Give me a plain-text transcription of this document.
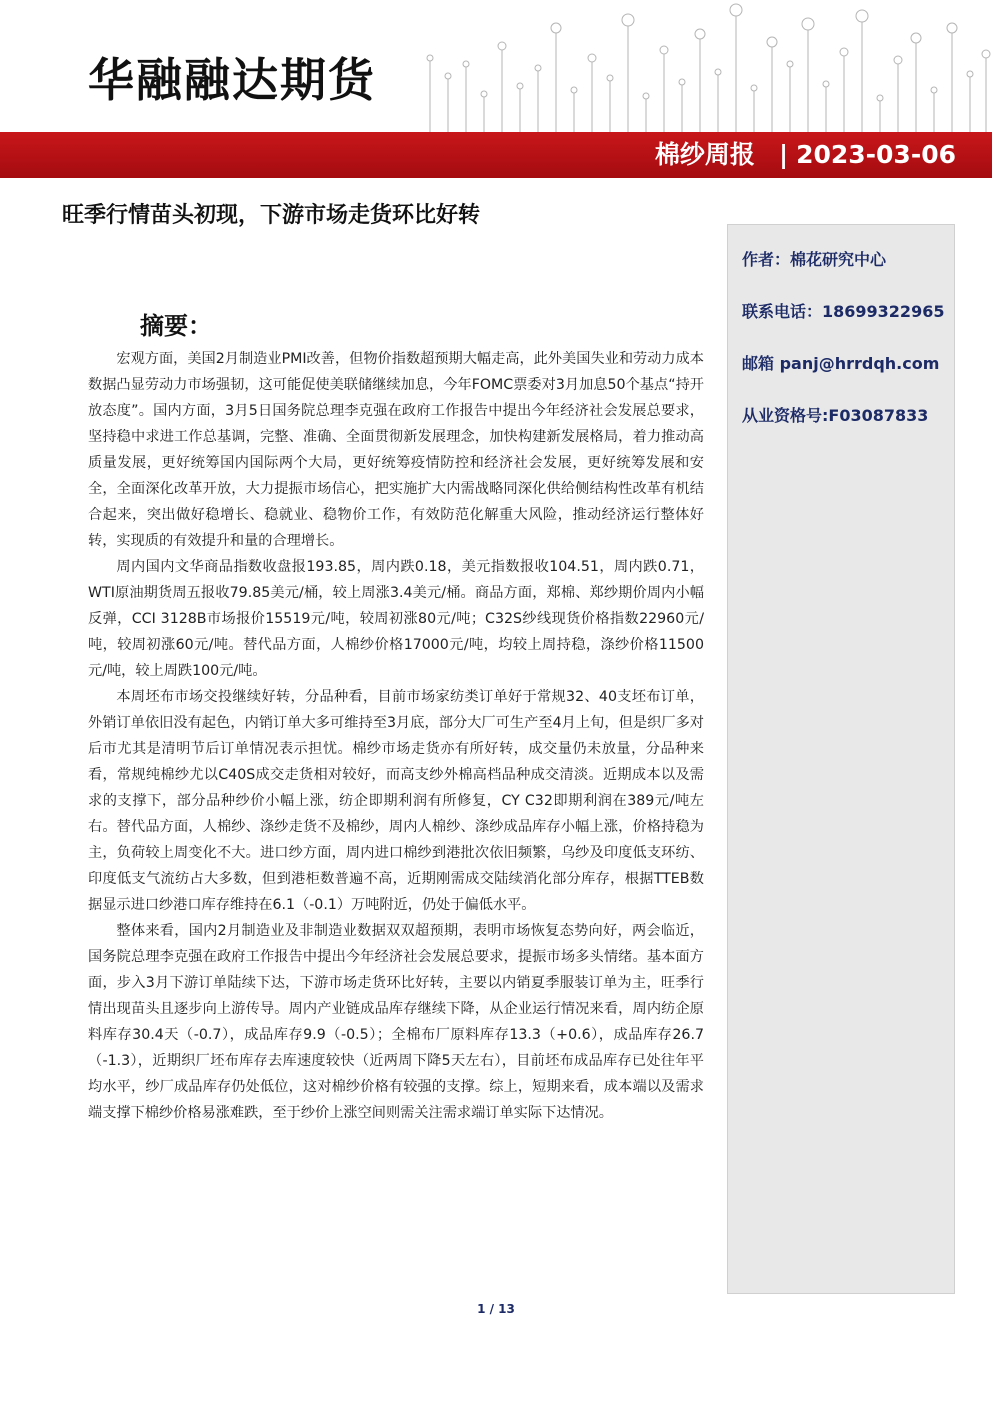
华融融达期货
棉纱周报 | 2023-03-06
旺季行情苗头初现，下游市场走货环比好转
作者：棉花研究中心
联系电话：18699322965
邮箱 panj@hrrdqh.com
从业资格号:F03087833
摘要：

宏观方面，美国2月制造业PMI改善，但物价指数超预期大幅走高，此外美国失业和劳动力成本数据凸显劳动力市场强韧，这可能促使美联储继续加息，今年FOMC票委对3月加息50个基点“持开放态度”。国内方面，3月5日国务院总理李克强在政府工作报告中提出今年经济社会发展总要求，坚持稳中求进工作总基调，完整、准确、全面贯彻新发展理念，加快构建新发展格局，着力推动高质量发展，更好统筹国内国际两个大局，更好统筹疫情防控和经济社会发展，更好统筹发展和安全，全面深化改革开放，大力提振市场信心，把实施扩大内需战略同深化供给侧结构性改革有机结合起来，突出做好稳增长、稳就业、稳物价工作，有效防范化解重大风险，推动经济运行整体好转，实现质的有效提升和量的合理增长。

周内国内文华商品指数收盘报193.85，周内跌0.18，美元指数报收104.51，周内跌0.71，WTI原油期货周五报收79.85美元/桶，较上周涨3.4美元/桶。商品方面，郑棉、郑纱期价周内小幅反弹，CCI 3128B市场报价15519元/吨，较周初涨80元/吨；C32S纱线现货价格指数22960元/吨，较周初涨60元/吨。替代品方面，人棉纱价格17000元/吨，均较上周持稳，涤纱价格11500元/吨，较上周跌100元/吨。

本周坯布市场交投继续好转，分品种看，目前市场家纺类订单好于常规32、40支坯布订单，外销订单依旧没有起色，内销订单大多可维持至3月底，部分大厂可生产至4月上旬，但是织厂多对后市尤其是清明节后订单情况表示担忧。棉纱市场走货亦有所好转，成交量仍未放量，分品种来看，常规纯棉纱尤以C40S成交走货相对较好，而高支纱外棉高档品种成交清淡。近期成本以及需求的支撑下，部分品种纱价小幅上涨，纺企即期利润有所修复，CY C32即期利润在389元/吨左右。替代品方面，人棉纱、涤纱走货不及棉纱，周内人棉纱、涤纱成品库存小幅上涨，价格持稳为主，负荷较上周变化不大。进口纱方面，周内进口棉纱到港批次依旧频繁，乌纱及印度低支环纺、印度低支气流纺占大多数，但到港柜数普遍不高，近期刚需成交陆续消化部分库存，根据TTEB数据显示进口纱港口库存维持在6.1（-0.1）万吨附近，仍处于偏低水平。

整体来看，国内2月制造业及非制造业数据双双超预期，表明市场恢复态势向好，两会临近，国务院总理李克强在政府工作报告中提出今年经济社会发展总要求，提振市场多头情绪。基本面方面，步入3月下游订单陆续下达，下游市场走货环比好转，主要以内销夏季服装订单为主，旺季行情出现苗头且逐步向上游传导。周内产业链成品库存继续下降，从企业运行情况来看，周内纺企原料库存30.4天（-0.7），成品库存9.9（-0.5）；全棉布厂原料库存13.3（+0.6），成品库存26.7（-1.3），近期织厂坯布库存去库速度较快（近两周下降5天左右），目前坯布成品库存已处往年平均水平，纱厂成品库存仍处低位，这对棉纱价格有较强的支撑。综上，短期来看，成本端以及需求端支撑下棉纱价格易涨难跌，至于纱价上涨空间则需关注需求端订单实际下达情况。

1 / 13
